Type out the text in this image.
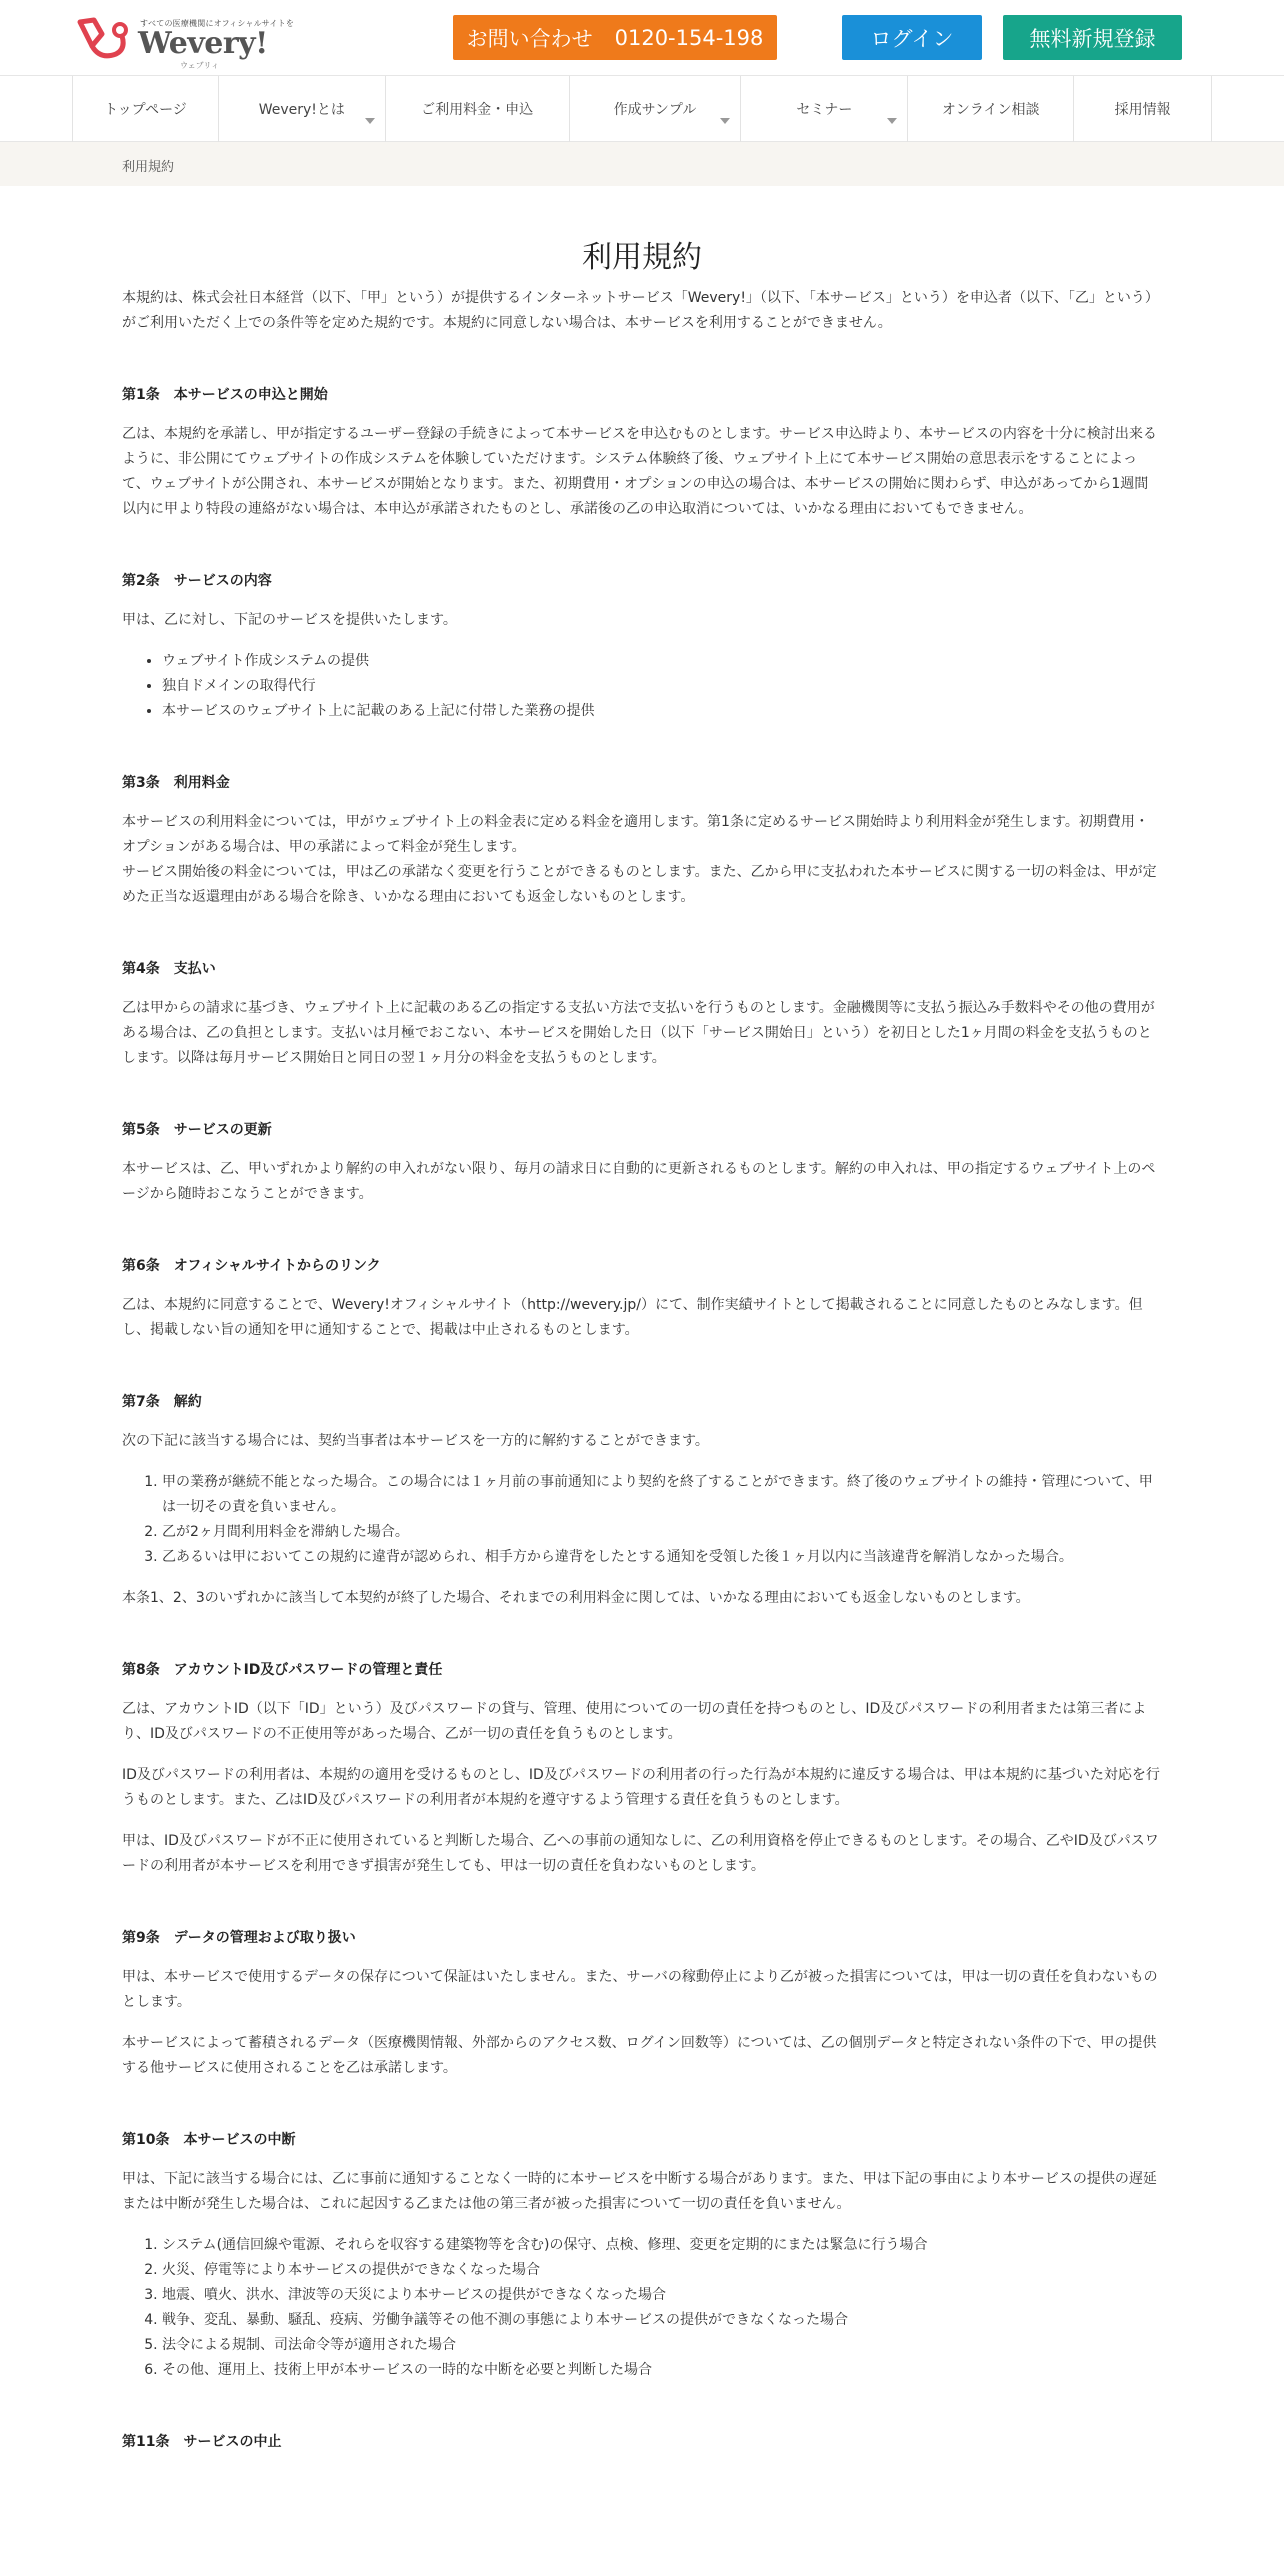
すべての医療機関にオフィシャルサイトを
Wevery!
ウェブリィ
お問い合わせ 0120-154-198	ログイン	無料新規登録
トップページ	Wevery!とは	ご利用料金・申込	作成サンプル	セミナー	オンライン相談	採用情報
利用規約
利用規約

本規約は、株式会社日本経営（以下、「甲」という）が提供するインターネットサービス「Wevery!」（以下、「本サービス」という）を申込者（以下、「乙」という）がご利用いただく上での条件等を定めた規約です。本規約に同意しない場合は、本サービスを利用することができません。

第1条　本サービスの申込と開始

乙は、本規約を承諾し、甲が指定するユーザー登録の手続きによって本サービスを申込むものとします。サービス申込時より、本サービスの内容を十分に検討出来るように、非公開にてウェブサイトの作成システムを体験していただけます。システム体験終了後、ウェブサイト上にて本サービス開始の意思表示をすることによって、ウェブサイトが公開され、本サービスが開始となります。また、初期費用・オプションの申込の場合は、本サービスの開始に関わらず、申込があってから1週間以内に甲より特段の連絡がない場合は、本申込が承諾されたものとし、承諾後の乙の申込取消については、いかなる理由においてもできません。

第2条　サービスの内容

甲は、乙に対し、下記のサービスを提供いたします。

• ウェブサイト作成システムの提供
• 独自ドメインの取得代行
• 本サービスのウェブサイト上に記載のある上記に付帯した業務の提供
第3条　利用料金

本サービスの利用料金については，甲がウェブサイト上の料金表に定める料金を適用します。第1条に定めるサービス開始時より利用料金が発生します。初期費用・オプションがある場合は、甲の承諾によって料金が発生します。
サービス開始後の料金については，甲は乙の承諾なく変更を行うことができるものとします。また、乙から甲に支払われた本サービスに関する一切の料金は、甲が定めた正当な返還理由がある場合を除き、いかなる理由においても返金しないものとします。

第4条　支払い

乙は甲からの請求に基づき、ウェブサイト上に記載のある乙の指定する支払い方法で支払いを行うものとします。金融機関等に支払う振込み手数料やその他の費用がある場合は、乙の負担とします。支払いは月極でおこない、本サービスを開始した日（以下「サービス開始日」という）を初日とした1ヶ月間の料金を支払うものとします。以降は毎月サービス開始日と同日の翌１ヶ月分の料金を支払うものとします。

第5条　サービスの更新

本サービスは、乙、甲いずれかより解約の申入れがない限り、毎月の請求日に自動的に更新されるものとします。解約の申入れは、甲の指定するウェブサイト上のページから随時おこなうことができます。

第6条　オフィシャルサイトからのリンク

乙は、本規約に同意することで、Wevery!オフィシャルサイト（http://wevery.jp/）にて、制作実績サイトとして掲載されることに同意したものとみなします。但し、掲載しない旨の通知を甲に通知することで、掲載は中止されるものとします。

第7条　解約

次の下記に該当する場合には、契約当事者は本サービスを一方的に解約することができます。

1. 甲の業務が継続不能となった場合。この場合には１ヶ月前の事前通知により契約を終了することができます。終了後のウェブサイトの維持・管理について、甲は一切その責を負いません。
2. 乙が2ヶ月間利用料金を滞納した場合。
3. 乙あるいは甲においてこの規約に違背が認められ、相手方から違背をしたとする通知を受領した後１ヶ月以内に当該違背を解消しなかった場合。

本条1、2、3のいずれかに該当して本契約が終了した場合、それまでの利用料金に関しては、いかなる理由においても返金しないものとします。

第8条　アカウントID及びパスワードの管理と責任

乙は、アカウントID（以下「ID」という）及びパスワードの貸与、管理、使用についての一切の責任を持つものとし、ID及びパスワードの利用者または第三者により、ID及びパスワードの不正使用等があった場合、乙が一切の責任を負うものとします。

ID及びパスワードの利用者は、本規約の適用を受けるものとし、ID及びパスワードの利用者の行った行為が本規約に違反する場合は、甲は本規約に基づいた対応を行うものとします。また、乙はID及びパスワードの利用者が本規約を遵守するよう管理する責任を負うものとします。

甲は、ID及びパスワードが不正に使用されていると判断した場合、乙への事前の通知なしに、乙の利用資格を停止できるものとします。その場合、乙やID及びパスワードの利用者が本サービスを利用できず損害が発生しても、甲は一切の責任を負わないものとします。

第9条　データの管理および取り扱い

甲は、本サービスで使用するデータの保存について保証はいたしません。また、サーバの稼動停止により乙が被った損害については，甲は一切の責任を負わないものとします。

本サービスによって蓄積されるデータ（医療機関情報、外部からのアクセス数、ログイン回数等）については、乙の個別データと特定されない条件の下で、甲の提供する他サービスに使用されることを乙は承諾します。

第10条　本サービスの中断

甲は、下記に該当する場合には、乙に事前に通知することなく一時的に本サービスを中断する場合があります。また、甲は下記の事由により本サービスの提供の遅延または中断が発生した場合は、これに起因する乙または他の第三者が被った損害について一切の責任を負いません。

1. システム(通信回線や電源、それらを収容する建築物等を含む)の保守、点検、修理、変更を定期的にまたは緊急に行う場合
2. 火災、停電等により本サービスの提供ができなくなった場合
3. 地震、噴火、洪水、津波等の天災により本サービスの提供ができなくなった場合
4. 戦争、変乱、暴動、騒乱、疫病、労働争議等その他不測の事態により本サービスの提供ができなくなった場合
5. 法令による規制、司法命令等が適用された場合
6. その他、運用上、技術上甲が本サービスの一時的な中断を必要と判断した場合
第11条　サービスの中止
